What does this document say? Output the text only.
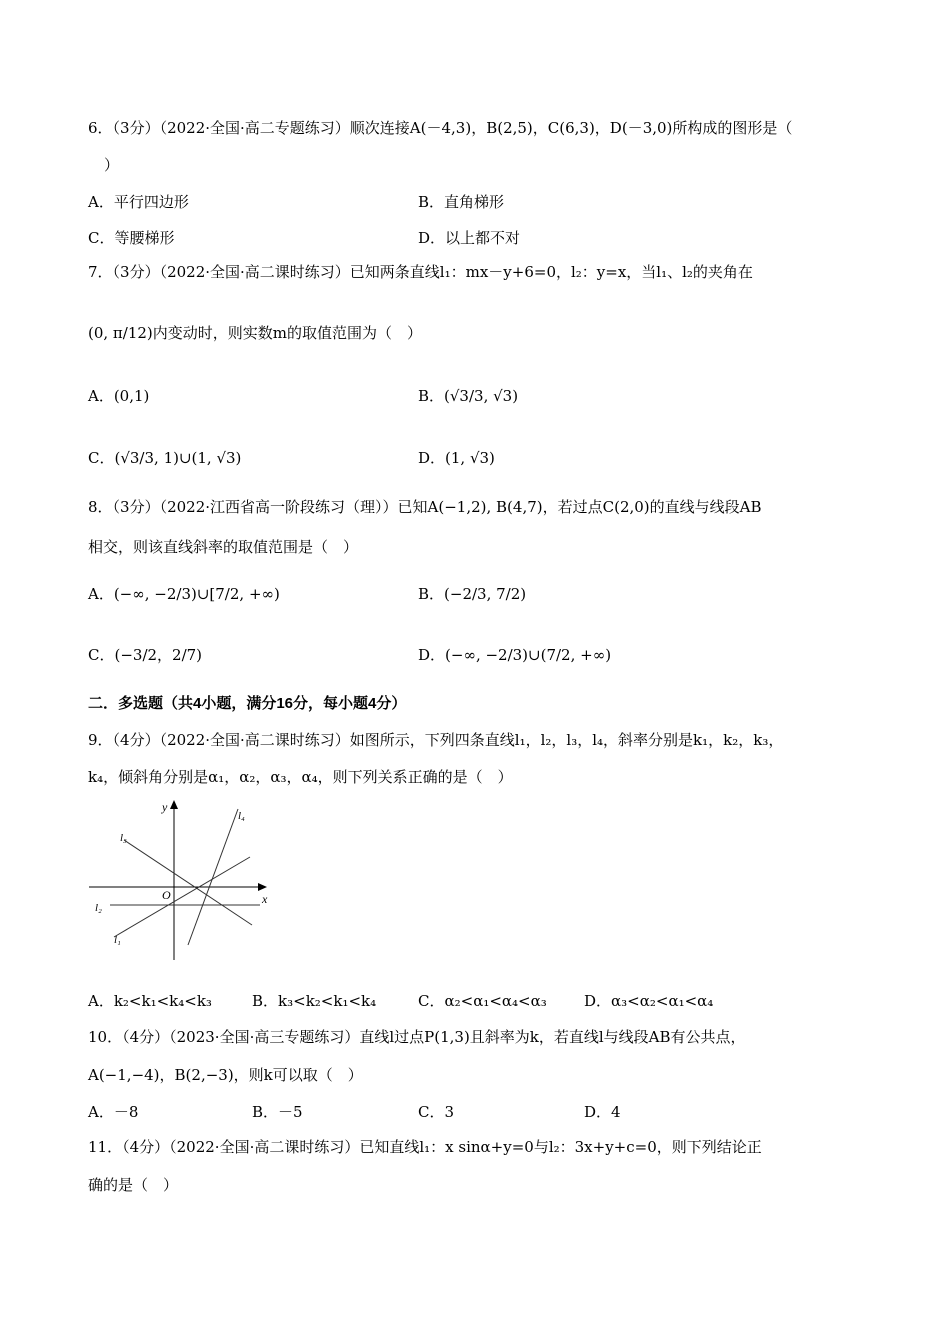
6．（3分）（2022·全国·高二专题练习）顺次连接A(－4,3)，B(2,5)，C(6,3)，D(－3,0)所构成的图形是（
）
A．平行四边形	B．直角梯形
C．等腰梯形	D．以上都不对
7．（3分）（2022·全国·高二课时练习）已知两条直线l₁：mx－y+6=0，l₂：y=x，当l₁、l₂的夹角在
(0, π/12)内变动时，则实数m的取值范围为（　）
A．(0,1)	B．(√3/3, √3)
C．(√3/3, 1)∪(1, √3)	D．(1, √3)
8．（3分）（2022·江西省高一阶段练习（理））已知A(−1,2), B(4,7)，若过点C(2,0)的直线与线段AB
相交，则该直线斜率的取值范围是（　）
A．(−∞, −2/3)∪[7/2, +∞)	B．(−2/3, 7/2)
C．(−3/2，2/7)	D．(−∞, −2/3)∪(7/2, +∞)
二．多选题（共4小题，满分16分，每小题4分）
9．（4分）（2022·全国·高二课时练习）如图所示，下列四条直线l₁，l₂，l₃，l₄，斜率分别是k₁，k₂，k₃，
k₄，倾斜角分别是α₁，α₂，α₃，α₄，则下列关系正确的是（　）
y
x
O
l₁
l₂
l₃
l₄
A．k₂<k₁<k₄<k₃	B．k₃<k₂<k₁<k₄	C．α₂<α₁<α₄<α₃ D．α₃<α₂<α₁<α₄
10．（4分）（2023·全国·高三专题练习）直线l过点P(1,3)且斜率为k，若直线l与线段AB有公共点，
A(−1,−4)，B(2,−3)，则k可以取（　）
A．－8	B．－5	C．3	D．4
11．（4分）（2022·全国·高二课时练习）已知直线l₁：x sinα+y=0与l₂：3x+y+c=0，则下列结论正
确的是（　）
